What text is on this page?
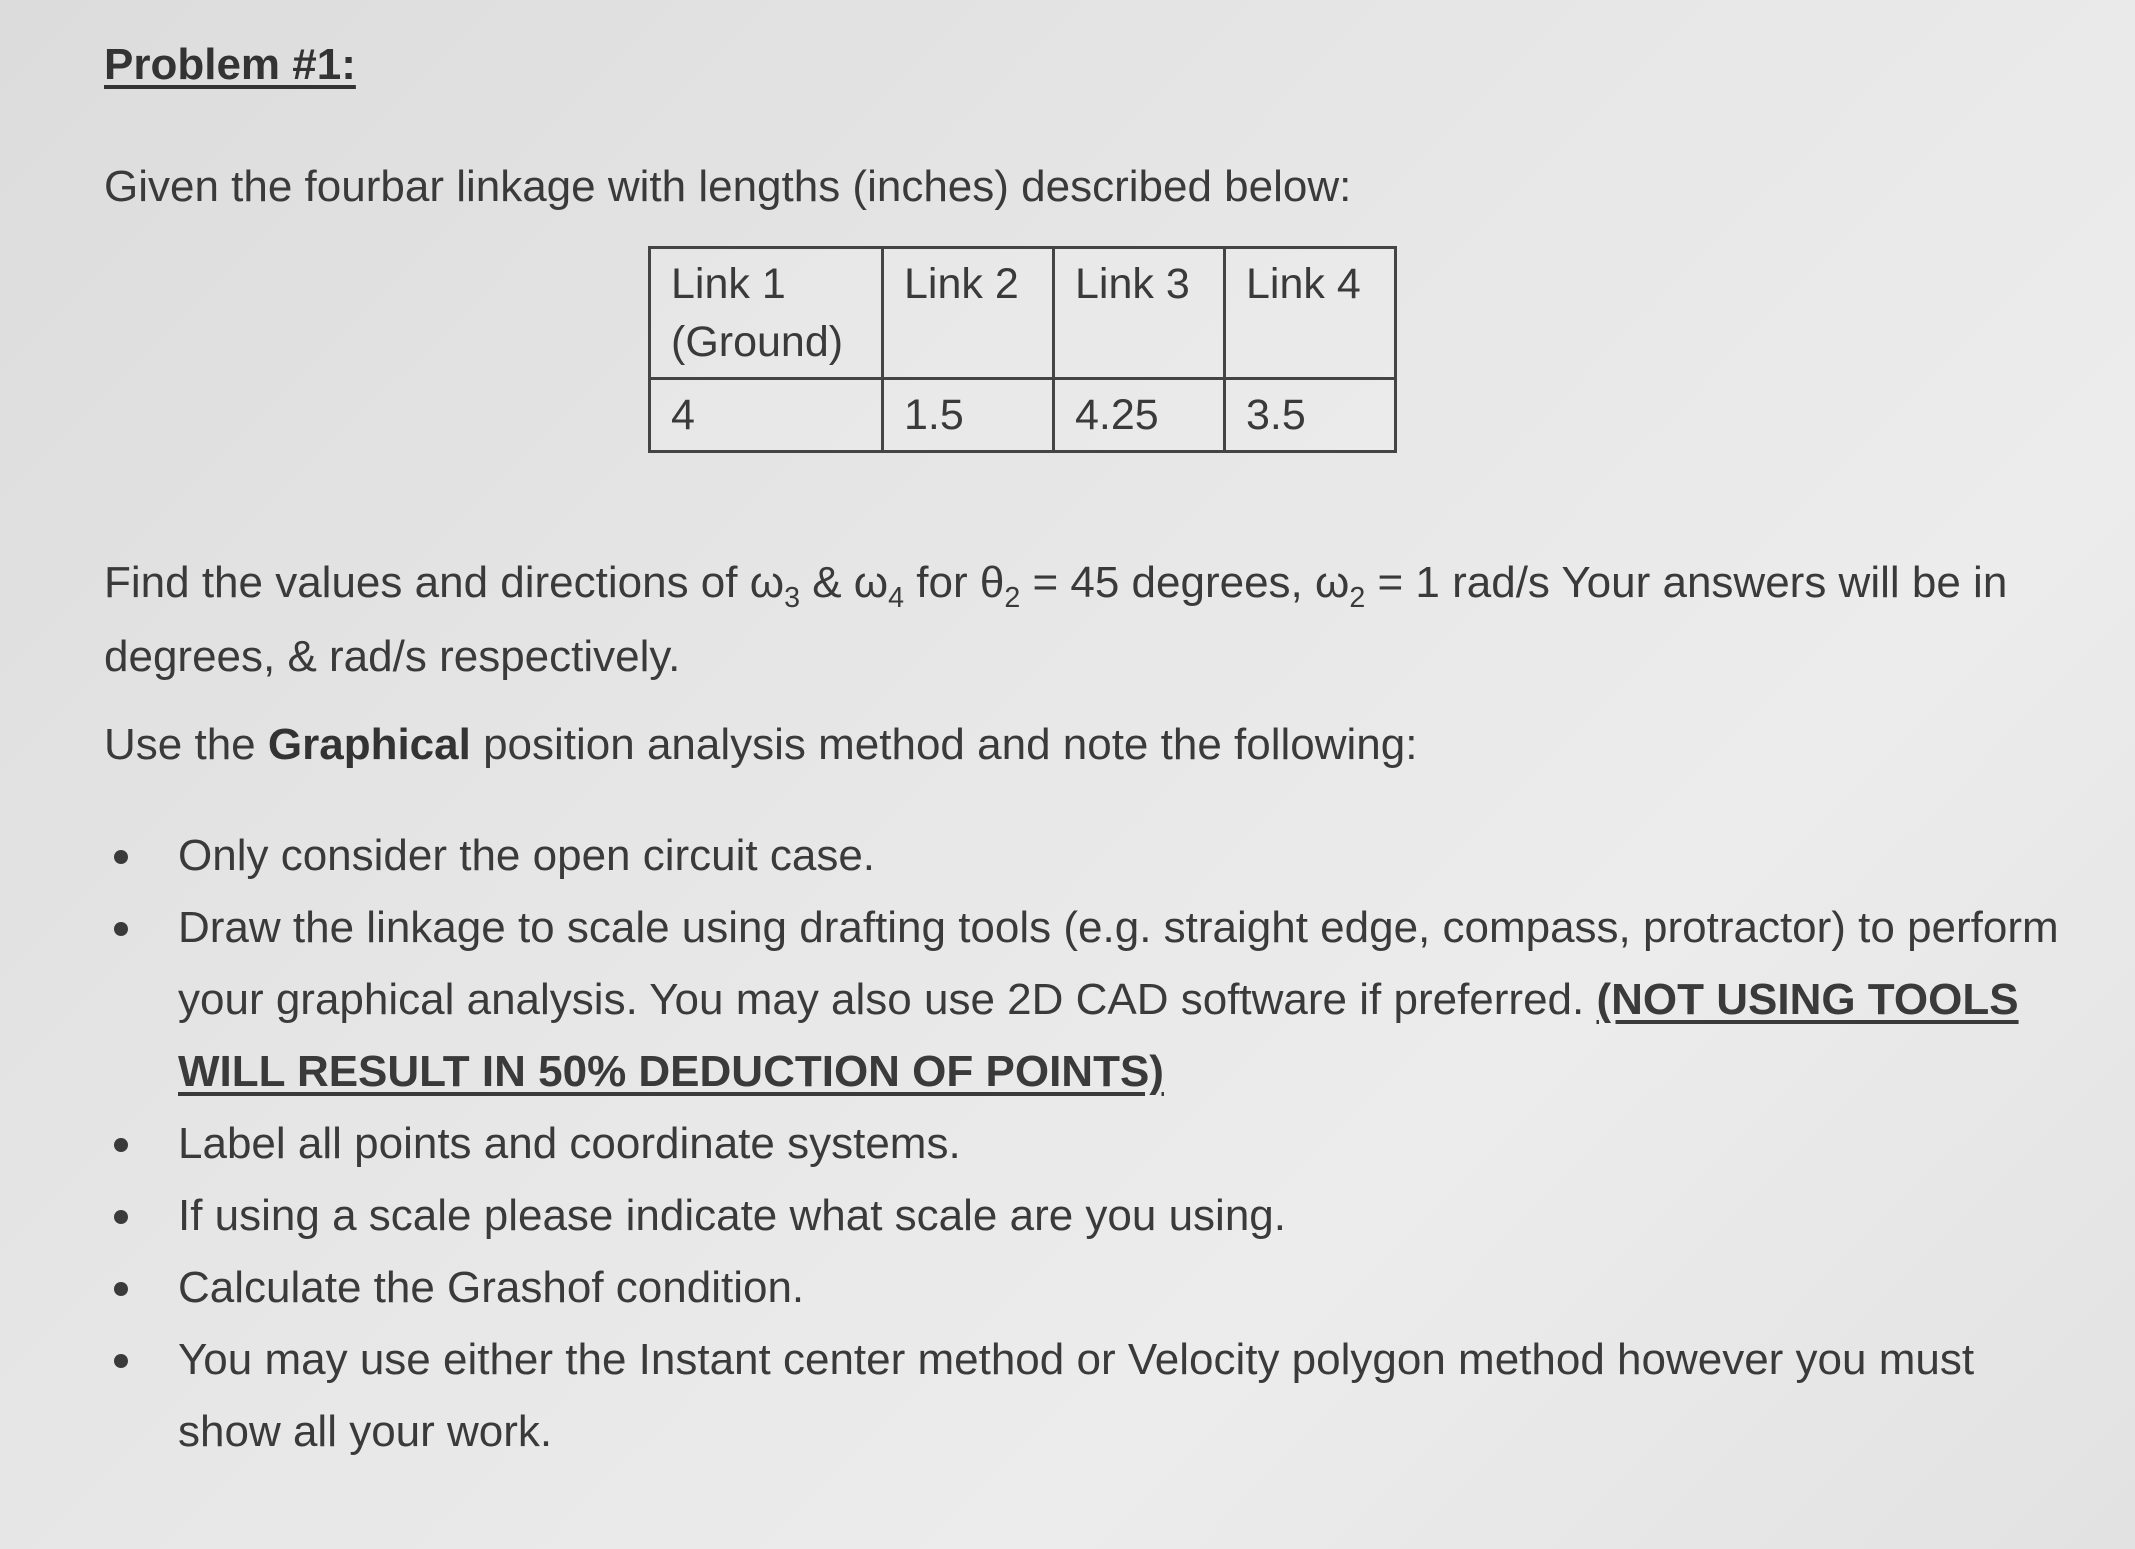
Problem #1:
Given the fourbar linkage with lengths (inches) described below:
Link 1 (Ground)	Link 2	Link 3	Link 4
4	1.5	4.25	3.5
Find the values and directions of $\omega_3$ & $\omega_4$ for $\theta_2 = 45$ degrees, $\omega_2 = 1$ rad/s Your answers will be in degrees, & rad/s respectively.
Use the Graphical position analysis method and note the following:
Only consider the open circuit case.
Draw the linkage to scale using drafting tools (e.g. straight edge, compass, protractor) to perform your graphical analysis. You may also use 2D CAD software if preferred. (NOT USING TOOLS WILL RESULT IN 50% DEDUCTION OF POINTS)
Label all points and coordinate systems.
If using a scale please indicate what scale are you using.
Calculate the Grashof condition.
You may use either the Instant center method or Velocity polygon method however you must show all your work.
